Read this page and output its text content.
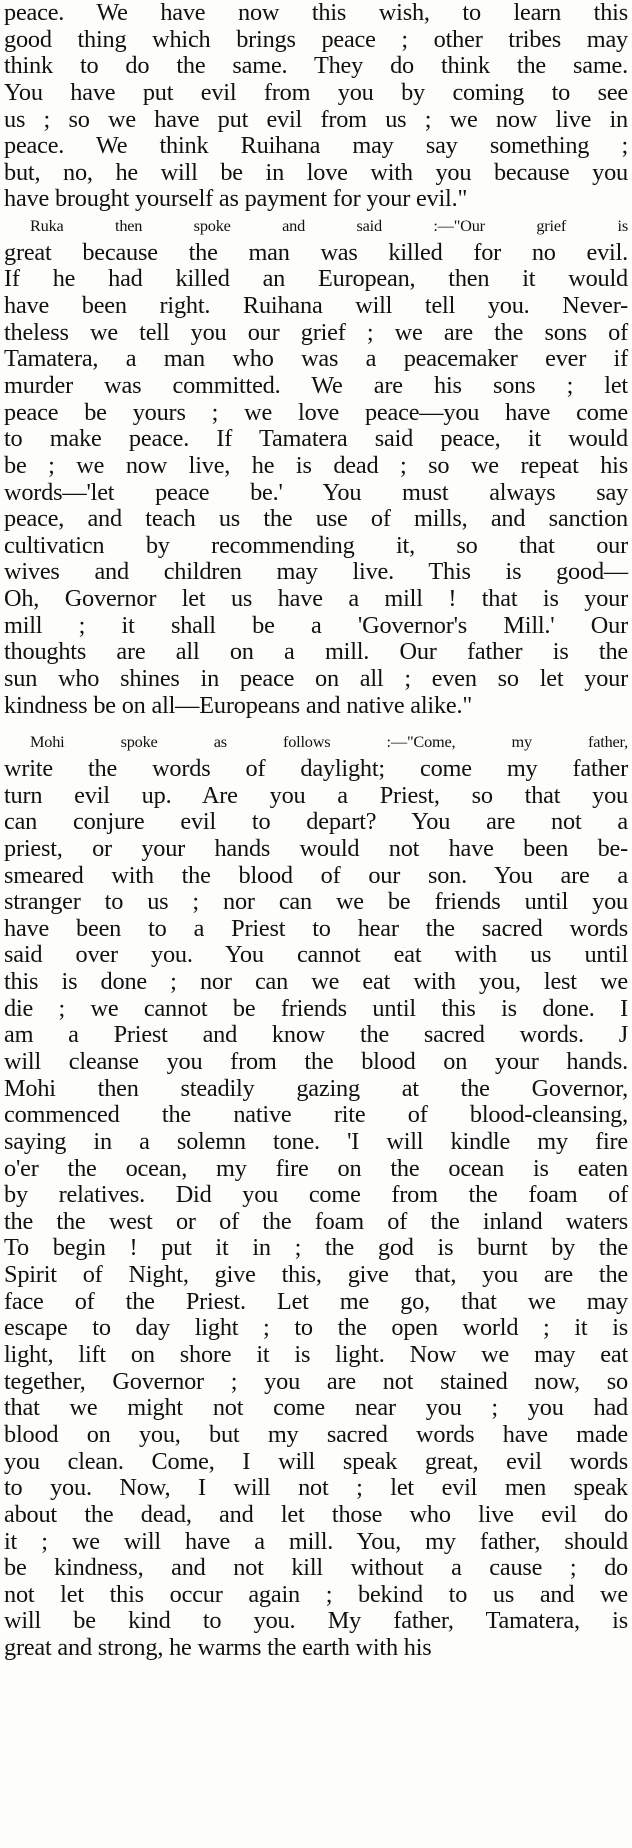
peace. We have now this wish, to learn this
good thing which brings peace ; other tribes may
think to do the same. They do think the same.
You have put evil from you by coming to see
us ; so we have put evil from us ; we now live in
peace. We think Ruihana may say something ;
but, no, he will be in love with you because you
have brought yourself as payment for your evil."
Ruka then spoke and said :—"Our grief is
great because the man was killed for no evil.
If he had killed an European, then it would
have been right. Ruihana will tell you. Never-
theless we tell you our grief ; we are the sons of
Tamatera, a man who was a peacemaker ever if
murder was committed. We are his sons ; let
peace be yours ; we love peace—you have come
to make peace. If Tamatera said peace, it would
be ; we now live, he is dead ; so we repeat his
words—'let peace be.' You must always say
peace, and teach us the use of mills, and sanction
cultivaticn by recommending it, so that our
wives and children may live. This is good—
Oh, Governor let us have a mill ! that is your
mill ; it shall be a 'Governor's Mill.' Our
thoughts are all on a mill. Our father is the
sun who shines in peace on all ; even so let your
kindness be on all—Europeans and native alike."
Mohi spoke as follows :—"Come, my father,
write the words of daylight; come my father
turn evil up. Are you a Priest, so that you
can conjure evil to depart? You are not a
priest, or your hands would not have been be-
smeared with the blood of our son. You are a
stranger to us ; nor can we be friends until you
have been to a Priest to hear the sacred words
said over you. You cannot eat with us until
this is done ; nor can we eat with you, lest we
die ; we cannot be friends until this is done. I
am a Priest and know the sacred words. J
will cleanse you from the blood on your hands.
Mohi then steadily gazing at the Governor,
commenced the native rite of blood-cleansing,
saying in a solemn tone. 'I will kindle my fire
o'er the ocean, my fire on the ocean is eaten
by relatives. Did you come from the foam of
the the west or of the foam of the inland waters
To begin ! put it in ; the god is burnt by the
Spirit of Night, give this, give that, you are the
face of the Priest. Let me go, that we may
escape to day light ; to the open world ; it is
light, lift on shore it is light. Now we may eat
tegether, Governor ; you are not stained now, so
that we might not come near you ; you had
blood on you, but my sacred words have made
you clean. Come, I will speak great, evil words
to you. Now, I will not ; let evil men speak
about the dead, and let those who live evil do
it ; we will have a mill. You, my father, should
be kindness, and not kill without a cause ; do
not let this occur again ; bekind to us and we
will be kind to you. My father, Tamatera, is
great and strong, he warms the earth with his
